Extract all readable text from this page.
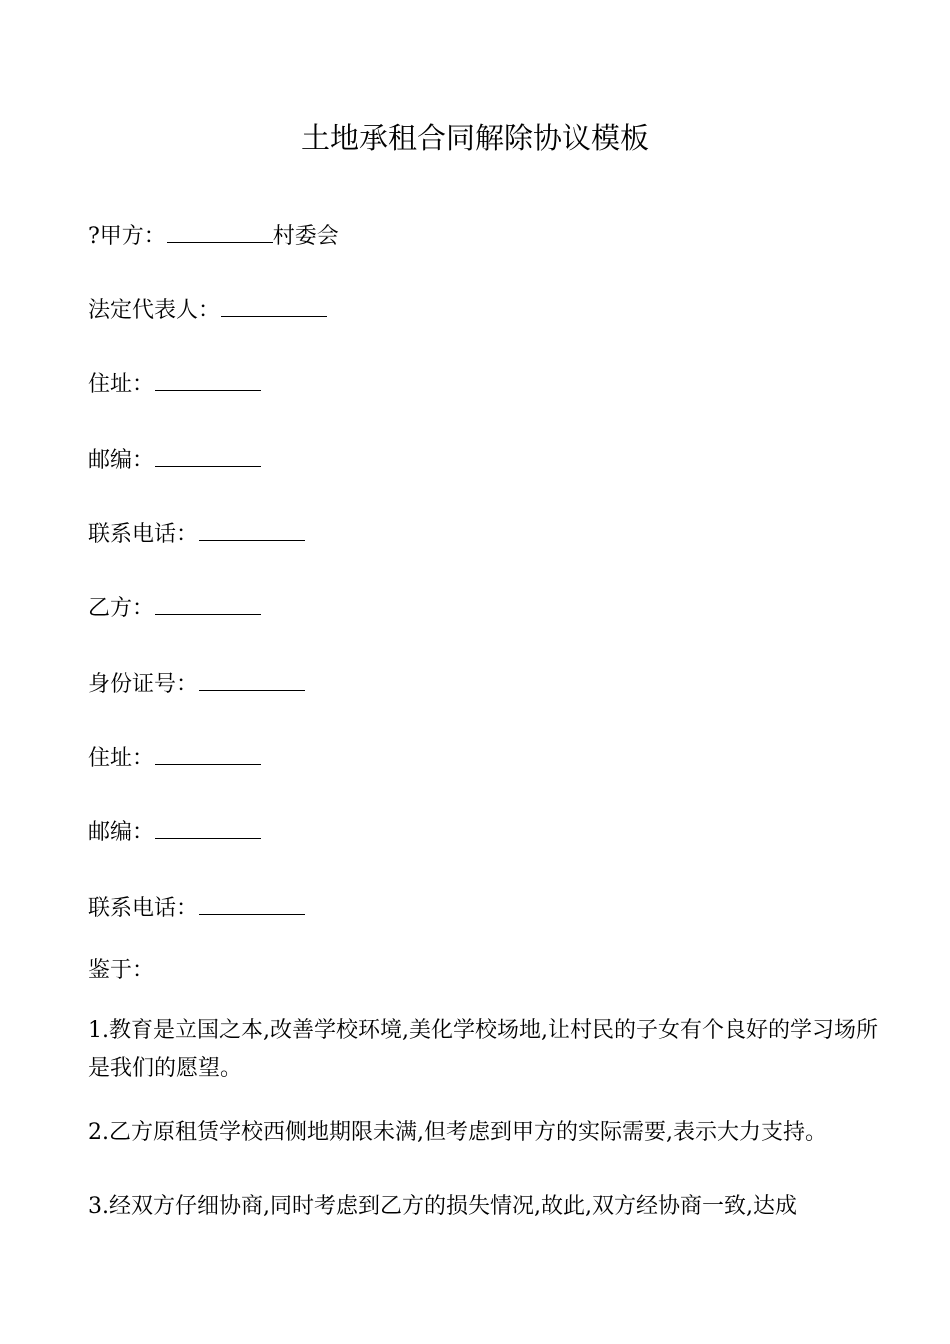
土地承租合同解除协议模板
?甲方：	村委会
法定代表人：
住址：
邮编：
联系电话：
乙方：
身份证号：
住址：
邮编：
联系电话：
鉴于：
1.教育是立国之本,改善学校环境,美化学校场地,让村民的子女有个良好的学习场所是我们的愿望。
2.乙方原租赁学校西侧地期限未满,但考虑到甲方的实际需要,表示大力支持。
3.经双方仔细协商,同时考虑到乙方的损失情况,故此,双方经协商一致,达成
